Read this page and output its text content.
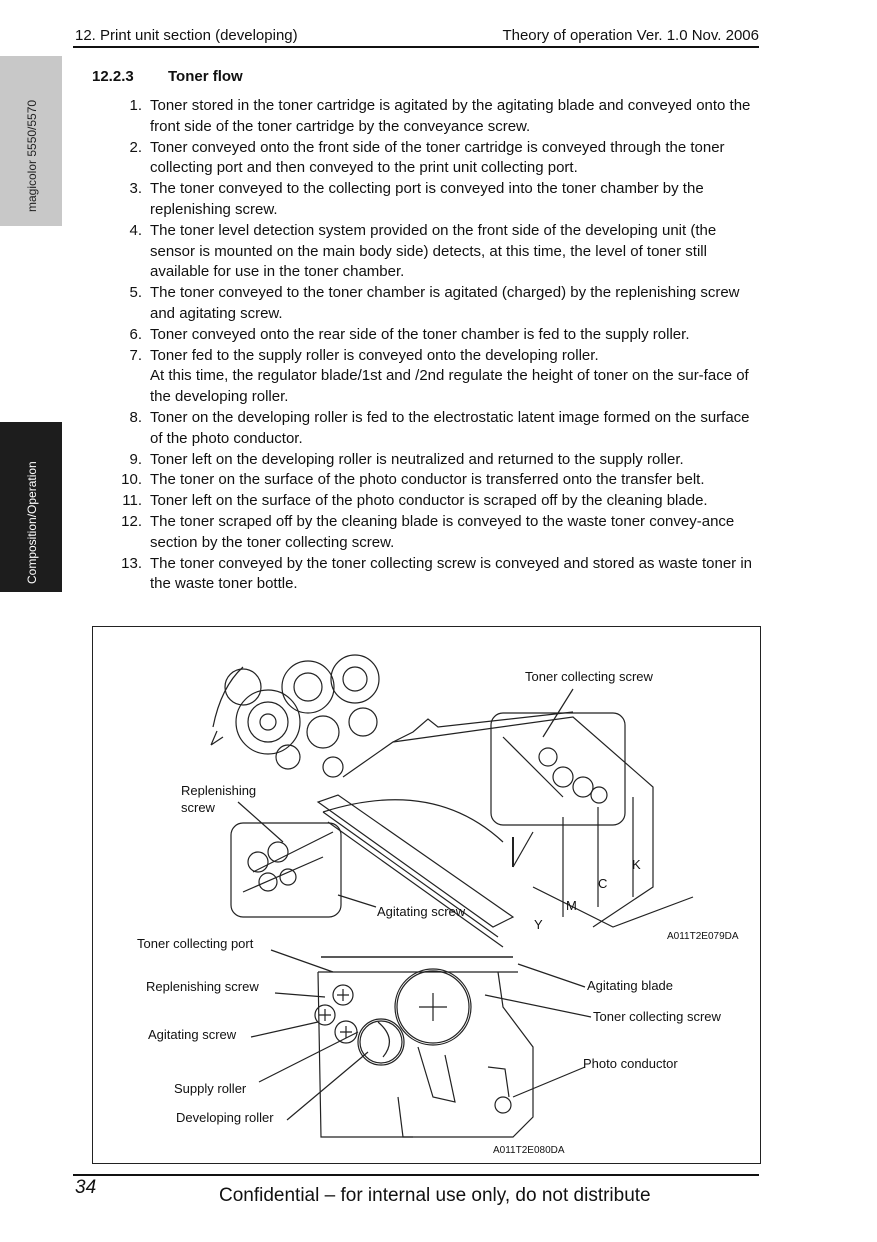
12. Print unit section (developing)	Theory of operation Ver. 1.0 Nov. 2006
magicolor 5550/5570
Composition/Operation
12.2.3 Toner flow
1. Toner stored in the toner cartridge is agitated by the agitating blade and conveyed onto the front side of the toner cartridge by the conveyance screw.
2. Toner conveyed onto the front side of the toner cartridge is conveyed through the toner collecting port and then conveyed to the print unit collecting port.
3. The toner conveyed to the collecting port is conveyed into the toner chamber by the replenishing screw.
4. The toner level detection system provided on the front side of the developing unit (the sensor is mounted on the main body side) detects, at this time, the level of toner still available for use in the toner chamber.
5. The toner conveyed to the toner chamber is agitated (charged) by the replenishing screw and agitating screw.
6. Toner conveyed onto the rear side of the toner chamber is fed to the supply roller.
7. Toner fed to the supply roller is conveyed onto the developing roller.
At this time, the regulator blade/1st and /2nd regulate the height of toner on the sur-face of the developing roller.
8. Toner on the developing roller is fed to the electrostatic latent image formed on the surface of the photo conductor.
9. Toner left on the developing roller is neutralized and returned to the supply roller.
10. The toner on the surface of the photo conductor is transferred onto the transfer belt.
11. Toner left on the surface of the photo conductor is scraped off by the cleaning blade.
12. The toner scraped off by the cleaning blade is conveyed to the waste toner convey-ance section by the toner collecting screw.
13. The toner conveyed by the toner collecting screw is conveyed and stored as waste toner in the waste toner bottle.
Toner collecting screw
Replenishing
screw
Agitating screw
K
C
M
Y
A011T2E079DA
Toner collecting port
Replenishing screw
Agitating screw
Supply roller
Developing roller
Agitating blade
Toner collecting screw
Photo conductor
A011T2E080DA
34	Confidential – for internal use only, do not distribute
